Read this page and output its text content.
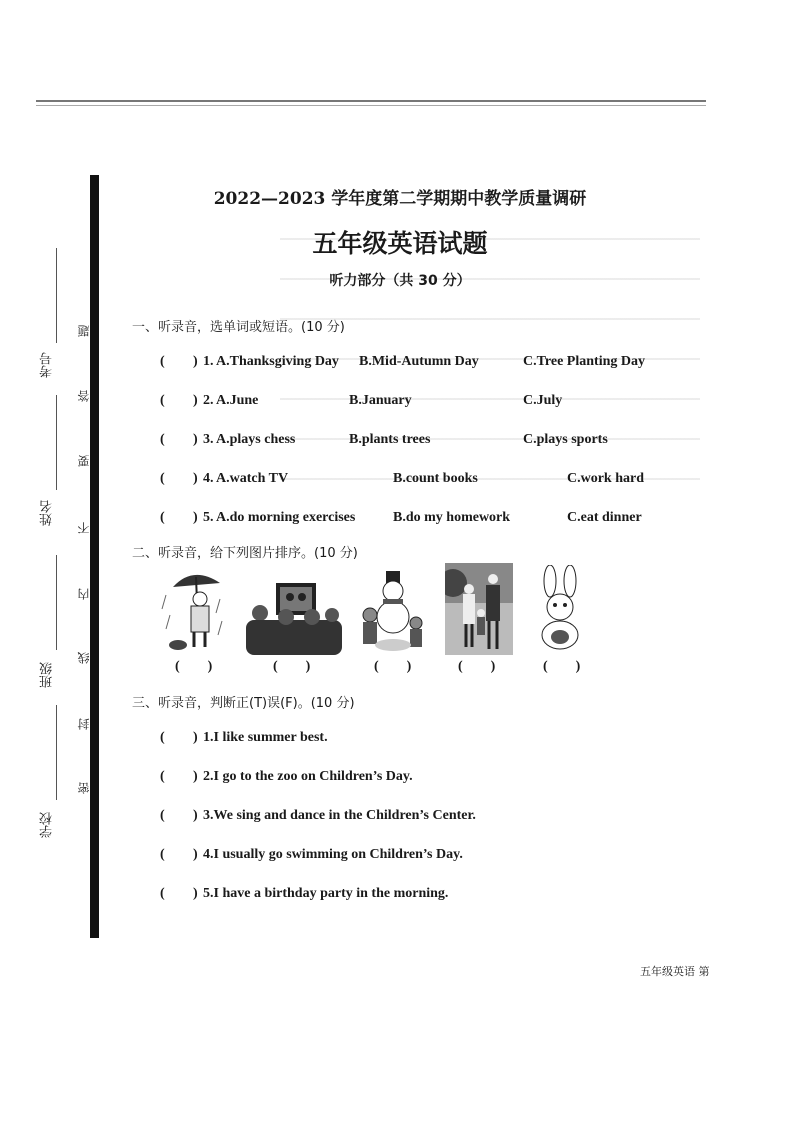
考号
姓名
班级
学校
题
答
要
不
内
线
封
密
2022—2023 学年度第二学期期中教学质量调研
五年级英语试题
听力部分（共 30 分）
一、听录音，选单词或短语。(10 分)
( ) 1. A.Thanksgiving Day B.Mid-Autumn Day	C.Tree Planting Day
( ) 2. A.June	B.January	C.July
( ) 3. A.plays chess	B.plants trees	C.plays sports
( ) 4. A.watch TV	B.count books	C.work hard
( ) 5. A.do morning exercises	B.do my homework	C.eat dinner
二、听录音，给下列图片排序。(10 分)
(　　)	(　　)	(　　)	(　　)	(　　)
三、听录音，判断正(T)误(F)。(10 分)
( ) 1.I like summer best.
( ) 2.I go to the zoo on Children’s Day.
( ) 3.We sing and dance in the Children’s Center.
( ) 4.I usually go swimming on Children’s Day.
( ) 5.I have a birthday party in the morning.
五年级英语 第
